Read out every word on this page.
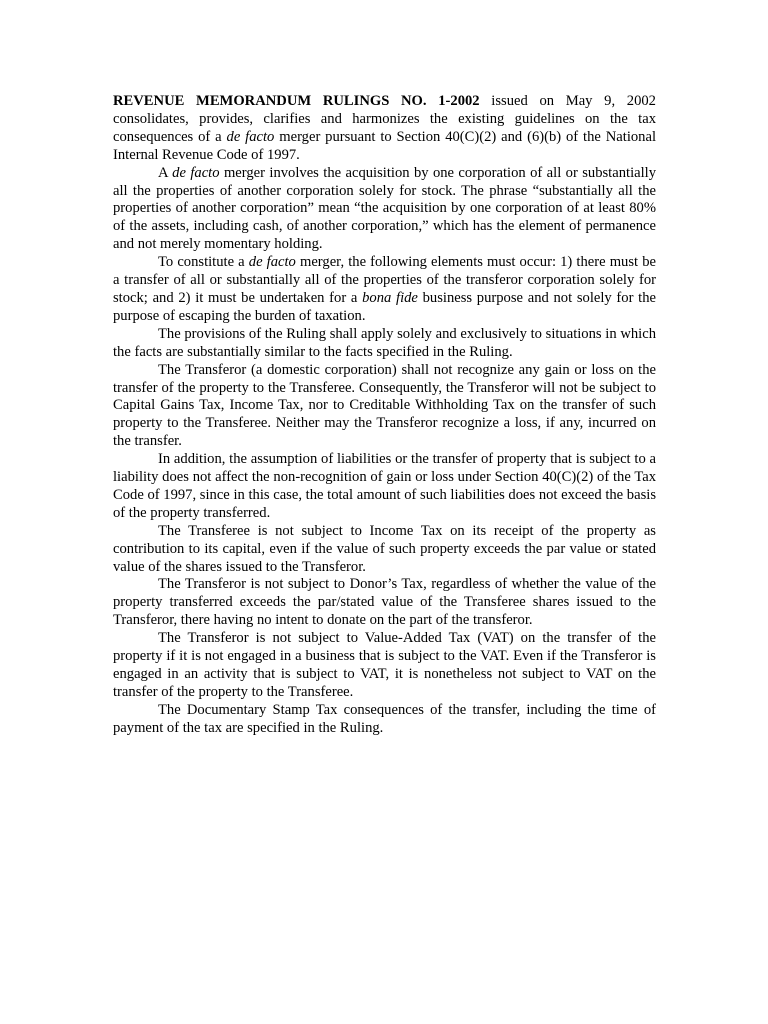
REVENUE MEMORANDUM RULINGS NO. 1-2002 issued on May 9, 2002 consolidates, provides, clarifies and harmonizes the existing guidelines on the tax consequences of a de facto merger pursuant to Section 40(C)(2) and (6)(b) of the National Internal Revenue Code of 1997.

A de facto merger involves the acquisition by one corporation of all or substantially all the properties of another corporation solely for stock. The phrase “substantially all the properties of another corporation” mean “the acquisition by one corporation of at least 80% of the assets, including cash, of another corporation,” which has the element of permanence and not merely momentary holding.

To constitute a de facto merger, the following elements must occur: 1) there must be a transfer of all or substantially all of the properties of the transferor corporation solely for stock; and 2) it must be undertaken for a bona fide business purpose and not solely for the purpose of escaping the burden of taxation.

The provisions of the Ruling shall apply solely and exclusively to situations in which the facts are substantially similar to the facts specified in the Ruling.

The Transferor (a domestic corporation) shall not recognize any gain or loss on the transfer of the property to the Transferee. Consequently, the Transferor will not be subject to Capital Gains Tax, Income Tax, nor to Creditable Withholding Tax on the transfer of such property to the Transferee. Neither may the Transferor recognize a loss, if any, incurred on the transfer.

In addition, the assumption of liabilities or the transfer of property that is subject to a liability does not affect the non-recognition of gain or loss under Section 40(C)(2) of the Tax Code of 1997, since in this case, the total amount of such liabilities does not exceed the basis of the property transferred.

The Transferee is not subject to Income Tax on its receipt of the property as contribution to its capital, even if the value of such property exceeds the par value or stated value of the shares issued to the Transferor.

The Transferor is not subject to Donor’s Tax, regardless of whether the value of the property transferred exceeds the par/stated value of the Transferee shares issued to the Transferor, there having no intent to donate on the part of the transferor.

The Transferor is not subject to Value-Added Tax (VAT) on the transfer of the property if it is not engaged in a business that is subject to the VAT. Even if the Transferor is engaged in an activity that is subject to VAT, it is nonetheless not subject to VAT on the transfer of the property to the Transferee.

The Documentary Stamp Tax consequences of the transfer, including the time of payment of the tax are specified in the Ruling.
